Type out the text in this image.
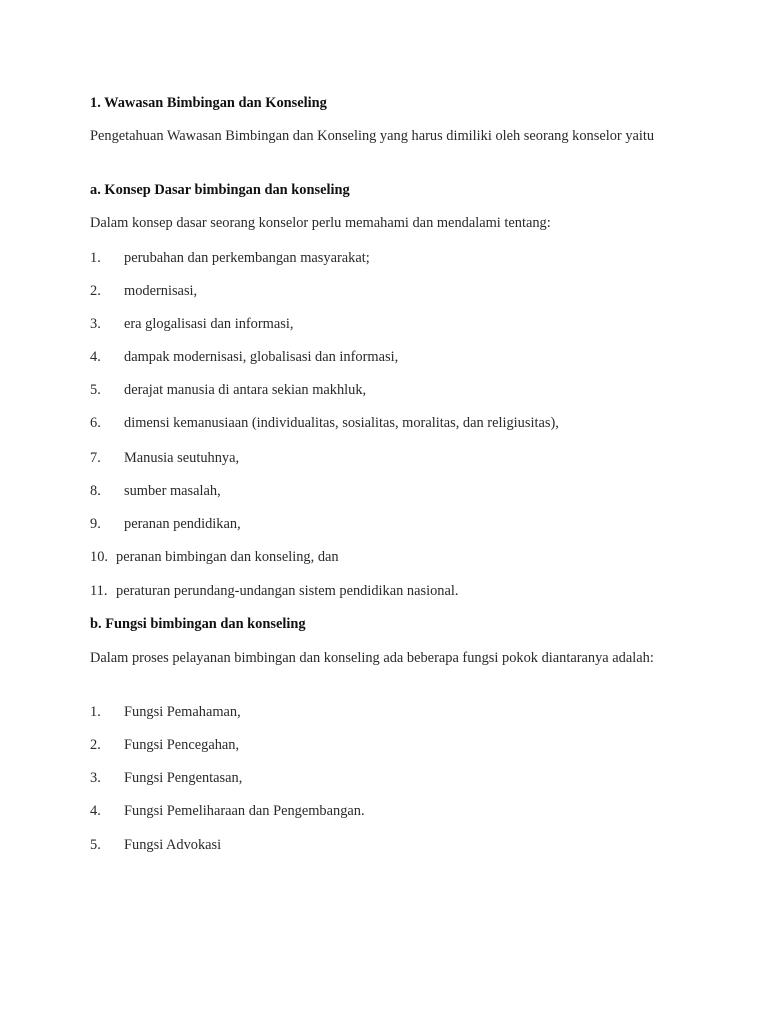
1. Wawasan Bimbingan dan Konseling
Pengetahuan Wawasan Bimbingan dan Konseling yang harus dimiliki oleh seorang konselor yaitu
a. Konsep Dasar bimbingan dan konseling
Dalam konsep dasar seorang konselor perlu memahami dan mendalami tentang:
1. perubahan dan perkembangan masyarakat;
2. modernisasi,
3. era glogalisasi dan informasi,
4. dampak modernisasi, globalisasi dan informasi,
5. derajat manusia di antara sekian makhluk,
6. dimensi kemanusiaan (individualitas, sosialitas, moralitas, dan religiusitas),
7. Manusia seutuhnya,
8. sumber masalah,
9. peranan pendidikan,
10. peranan bimbingan dan konseling, dan
11. peraturan perundang-undangan sistem pendidikan nasional.
b. Fungsi bimbingan dan konseling
Dalam proses pelayanan bimbingan dan konseling ada beberapa fungsi pokok diantaranya adalah:
1. Fungsi Pemahaman,
2. Fungsi Pencegahan,
3. Fungsi Pengentasan,
4. Fungsi Pemeliharaan dan Pengembangan.
5. Fungsi Advokasi
